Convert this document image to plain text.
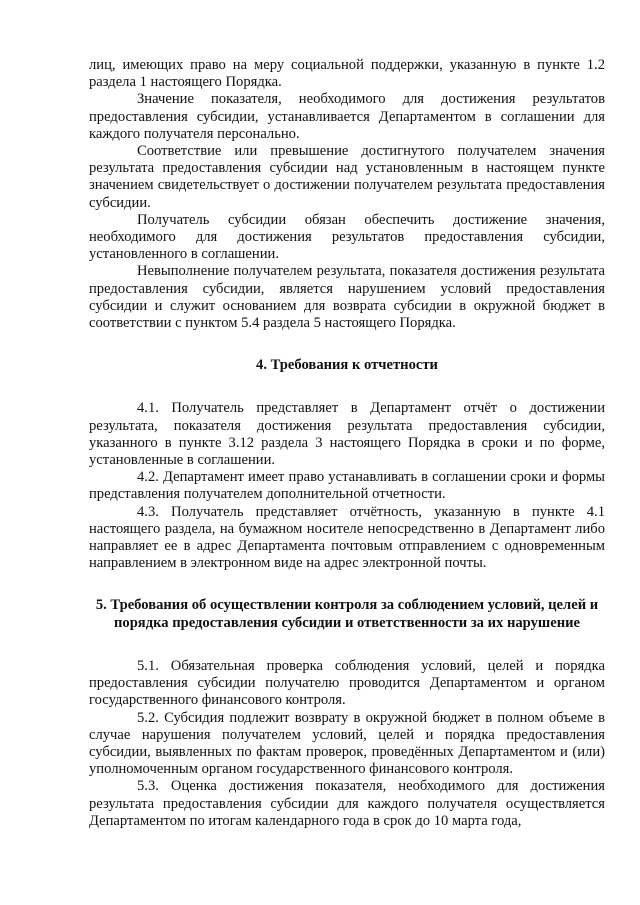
лиц, имеющих право на меру социальной поддержки, указанную в пункте 1.2 раздела 1 настоящего Порядка.

Значение показателя, необходимого для достижения результатов предоставления субсидии, устанавливается Департаментом в соглашении для каждого получателя персонально.

Соответствие или превышение достигнутого получателем значения результата предоставления субсидии над установленным в настоящем пункте значением свидетельствует о достижении получателем результата предоставления субсидии.

Получатель субсидии обязан обеспечить достижение значения, необходимого для достижения результатов предоставления субсидии, установленного в соглашении.

Невыполнение получателем результата, показателя достижения результата предоставления субсидии, является нарушением условий предоставления субсидии и служит основанием для возврата субсидии в окружной бюджет в соответствии с пунктом 5.4 раздела 5 настоящего Порядка.

4. Требования к отчетности

4.1. Получатель представляет в Департамент отчёт о достижении результата, показателя достижения результата предоставления субсидии, указанного в пункте 3.12 раздела 3 настоящего Порядка в сроки и по форме, установленные в соглашении.

4.2. Департамент имеет право устанавливать в соглашении сроки и формы представления получателем дополнительной отчетности.

4.3. Получатель представляет отчётность, указанную в пункте 4.1 настоящего раздела, на бумажном носителе непосредственно в Департамент либо направляет ее в адрес Департамента почтовым отправлением с одновременным направлением в электронном виде на адрес электронной почты.

5. Требования об осуществлении контроля за соблюдением условий, целей и порядка предоставления субсидии и ответственности за их нарушение

5.1. Обязательная проверка соблюдения условий, целей и порядка предоставления субсидии получателю проводится Департаментом и органом государственного финансового контроля.

5.2. Субсидия подлежит возврату в окружной бюджет в полном объеме в случае нарушения получателем условий, целей и порядка предоставления субсидии, выявленных по фактам проверок, проведённых Департаментом и (или) уполномоченным органом государственного финансового контроля.

5.3. Оценка достижения показателя, необходимого для достижения результата предоставления субсидии для каждого получателя осуществляется Департаментом по итогам календарного года в срок до 10 марта года,
